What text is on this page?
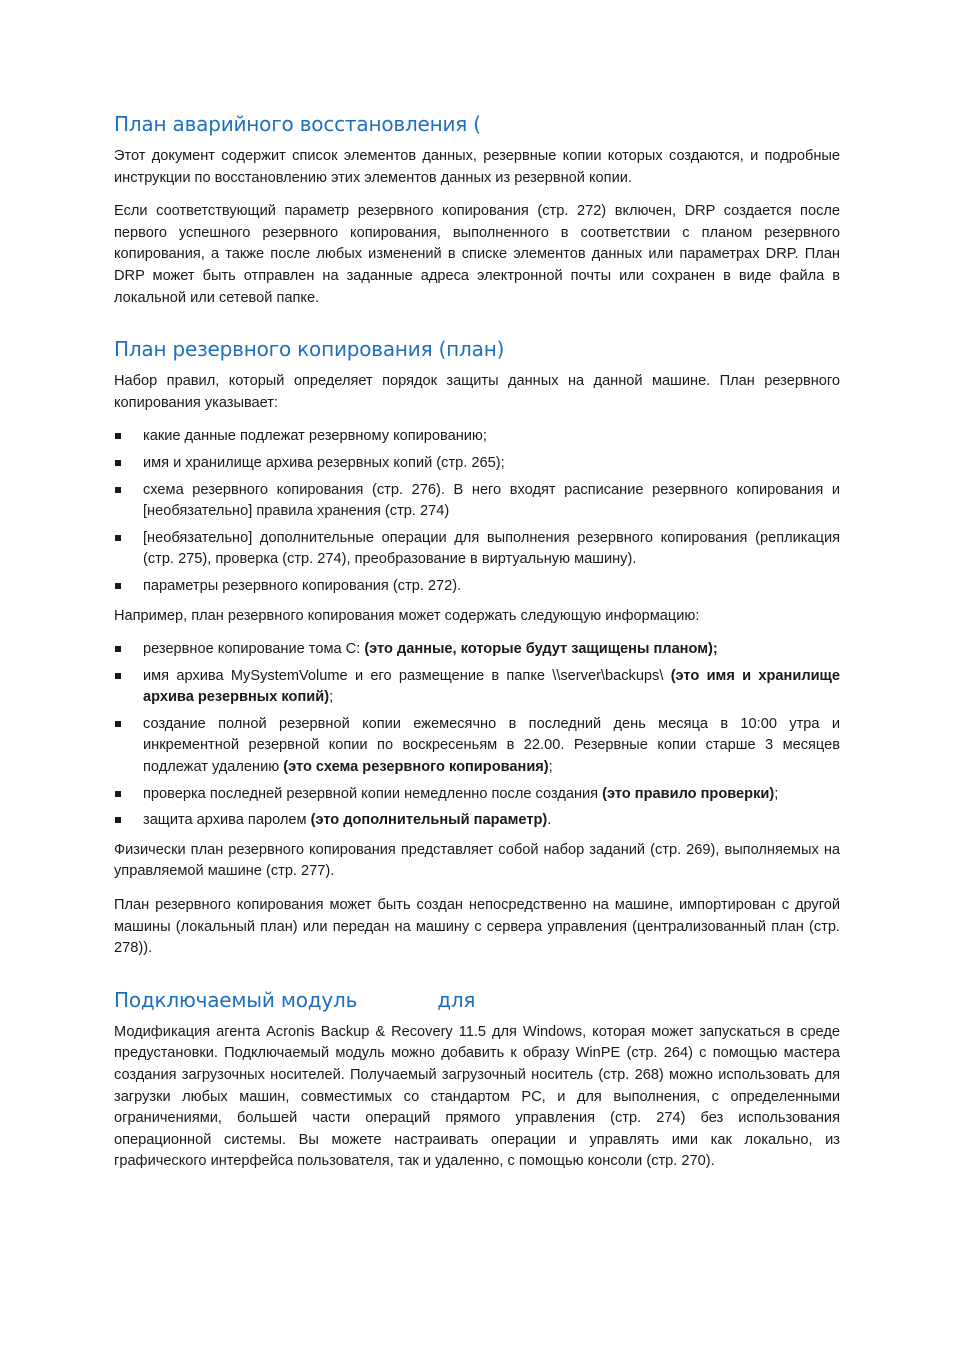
План аварийного восстановления (

Этот документ содержит список элементов данных, резервные копии которых создаются, и подробные инструкции по восстановлению этих элементов данных из резервной копии.

Если соответствующий параметр резервного копирования (стр. 272) включен, DRP создается после первого успешного резервного копирования, выполненного в соответствии с планом резервного копирования, а также после любых изменений в списке элементов данных или параметрах DRP. План DRP может быть отправлен на заданные адреса электронной почты или сохранен в виде файла в локальной или сетевой папке.

План резервного копирования (план)

Набор правил, который определяет порядок защиты данных на данной машине. План резервного копирования указывает:

какие данные подлежат резервному копированию;
имя и хранилище архива резервных копий (стр. 265);
схема резервного копирования (стр. 276). В него входят расписание резервного копирования и [необязательно] правила хранения (стр. 274)
[необязательно] дополнительные операции для выполнения резервного копирования (репликация (стр. 275), проверка (стр. 274), преобразование в виртуальную машину).
параметры резервного копирования (стр. 272).

Например, план резервного копирования может содержать следующую информацию:

резервное копирование тома C: (это данные, которые будут защищены планом);
имя архива MySystemVolume и его размещение в папке \\server\backups\ (это имя и хранилище архива резервных копий);
создание полной резервной копии ежемесячно в последний день месяца в 10:00 утра и инкрементной резервной копии по воскресеньям в 22.00. Резервные копии старше 3 месяцев подлежат удалению (это схема резервного копирования);
проверка последней резервной копии немедленно после создания (это правило проверки);
защита архива паролем (это дополнительный параметр).

Физически план резервного копирования представляет собой набор заданий (стр. 269), выполняемых на управляемой машине (стр. 277).

План резервного копирования может быть создан непосредственно на машине, импортирован с другой машины (локальный план) или передан на машину с сервера управления (централизованный план (стр. 278)).

Подключаемый модуль             для

Модификация агента Acronis Backup & Recovery 11.5 для Windows, которая может запускаться в среде предустановки. Подключаемый модуль можно добавить к образу WinPE (стр. 264) с помощью мастера создания загрузочных носителей. Получаемый загрузочный носитель (стр. 268) можно использовать для загрузки любых машин, совместимых со стандартом PC, и для выполнения, с определенными ограничениями, большей части операций прямого управления (стр. 274) без использования операционной системы. Вы можете настраивать операции и управлять ими как локально, из графического интерфейса пользователя, так и удаленно, с помощью консоли (стр. 270).
